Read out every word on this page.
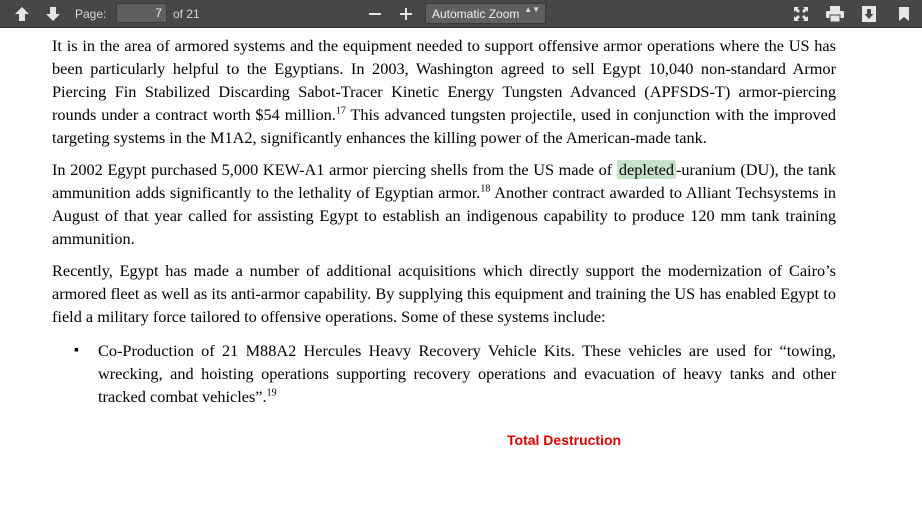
Page:	7 of 21	Automatic Zoom ▲▼

It is in the area of armored systems and the equipment needed to support offensive armor operations where the US has been particularly helpful to the Egyptians. In 2003, Washington agreed to sell Egypt 10,040 non-standard Armor Piercing Fin Stabilized Discarding Sabot-Tracer Kinetic Energy Tungsten Advanced (APFSDS-T) armor-piercing rounds under a contract worth $54 million.$^{17}$ This advanced tungsten projectile, used in conjunction with the improved targeting systems in the M1A2, significantly enhances the killing power of the American-made tank.

In 2002 Egypt purchased 5,000 KEW-A1 armor piercing shells from the US made of depleted -uranium (DU), the tank ammunition adds significantly to the lethality of Egyptian armor.$^{18}$ Another contract awarded to Alliant Techsystems in August of that year called for assisting Egypt to establish an indigenous capability to produce 120 mm tank training ammunition.

Recently, Egypt has made a number of additional acquisitions which directly support the modernization of Cairo’s armored fleet as well as its anti-armor capability. By supplying this equipment and training the US has enabled Egypt to field a military force tailored to offensive operations. Some of these systems include:

▪ Co-Production of 21 M88A2 Hercules Heavy Recovery Vehicle Kits. These vehicles are used for “towing, wrecking, and hoisting operations supporting recovery operations and evacuation of heavy tanks and other tracked combat vehicles”.$^{19}$
Total Destruction
